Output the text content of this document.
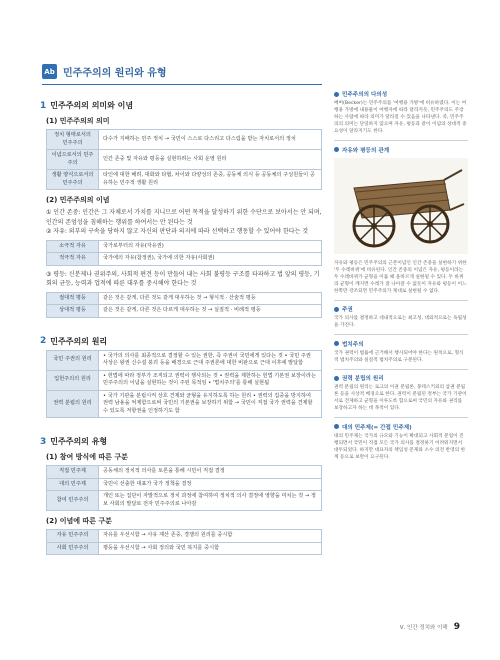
Ab 민주주의의 원리와 유형
1 민주주의의 의미와 이념
(1) 민주주의의 의미
정치 형태로서의 민주주의	다수가 지배하는 민주 정치 → 국민이 스스로 다스리고 다스림을 받는 자치로서의 정치
이념으로서의 민주주의	인간 존중 및 자유와 평등을 실현하려는 사회 운영 원리
생활 양식으로서의 민주주의	타인에 대한 배려, 대화와 타협, 차이와 다양성의 존중, 공동체 의식 등 공동체의 구성원들이 공유하는 민주적 생활 원리
(2) 민주주의의 이념

① 인간 존중: 인간은 그 자체로서 가치를 지니므로 어떤 목적을 달성하기 위한 수단으로 보아서는 안 되며, 인간의 존엄성을 침해하는 행위를 하여서는 안 된다는 것

② 자유: 외부의 구속을 당하지 않고 자신의 판단과 의지에 따라 선택하고 행동할 수 있어야 한다는 것

소극적 자유	국가로부터의 자유(자유권)
적극적 자유	국가에의 자유(참정권), 국가에 의한 자유(사회권)

③ 평등: 신분제나 권위주의, 사회적 편견 등이 만들어 내는 사회 불평등 구조를 타파하고 법 앞의 평등, 기회의 균등, 능력과 업적에 따른 대우를 중시해야 한다는 것

절대적 평등	같은 것은 같게, 다른 것도 같게 대우하는 것 → 형식적 · 산술적 평등
상대적 평등	같은 것은 같게, 다른 것은 다르게 대우하는 것 → 실질적 · 비례적 평등
2 민주주의의 원리
국민 주권의 원리	• 국가의 의사를 최종적으로 결정할 수 있는 권한, 즉 주권이 국민에게 있다는 것 • 국민 주권 사상은 왕권 신수설 붕괴 등을 배경으로 근대 주권론에 대한 비판으로 근대 이후에 발달함
입헌주의의 원리	• 헌법에 따라 정부가 조직되고 권력이 행사되는 것 • 권력을 제한하는 헌법 기본권 보장이라는 민주주의의 이념을 실현하는 것이 주된 목적임 • '법치주의'를 통해 실현됨
권력 분립의 원리	• 국가 기관을 분립시켜 상호 견제와 균형을 유지하도록 하는 원리 • 권력의 집중을 방지하여 권력 남용을 억제함으로써 국민의 기본권을 보장하기 위함 → 국민이 직접 국가 권력을 견제할 수 있도록 저항권을 인정하기도 함
3 민주주의의 유형
(1) 참여 방식에 따른 구분
직접 민주제	공동체의 정치적 의사를 토론을 통해 시민이 직접 결정
대의 민주제	국민이 선출한 대표가 국가 정책을 결정
참여 민주주의	개인 또는 집단이 자발적으로 정치 과정에 참여하여 정치적 의사 결정에 영향을 미치는 것 → 정보 사회의 발달로 전자 민주주의로 나아감
(2) 이념에 따른 구분
자유 민주주의	자유를 우선시함 → 사유 재산 존중, 경쟁의 원리를 중시함
사회 민주주의	평등을 우선시함 → 사회 정의와 국민 복지를 중시함
민주주의의 다의성

베버(Becker)는 민주주의를 '여행용 가방'에 비유하였다. 이는 여행용 가방에 내용물이 여행자에 따라 달라지듯, 민주주의도 주장하는 사람에 따라 의미가 달라질 수 있음을 나타낸다. 즉, 민주주의의 의미는 단일하지 않으며 자유, 평등과 같이 이념의 상대적 중요성이 달라지기도 한다.

자유와 평등의 관계

자유와 평등은 민주주의의 근본이념인 인간 존중을 실현하기 위한 '두 수레바퀴'에 비유된다. 인간 존중의 이념은 자유, 평등이라는 두 수레바퀴가 균형을 이룰 때 올바르게 실현될 수 있다. 두 바퀴의 균형이 깨지면 수레가 잘 나아갈 수 없듯이 자유와 평등이 어느 한쪽만 강조되면 민주주의가 제대로 실현될 수 없다.

주권

국가 의사를 결정하고 대내적으로는 최고성, 대외적으로는 독립성을 가진다.

법치주의

국가 권력이 법률에 근거해서 행사되어야 한다는 원칙으로, 형식적 법치주의와 실질적 법치주의로 구분된다.

권력 분립의 원리

권력 분립의 원리는 로크의 이권 분립론, 몽테스키외의 삼권 분립론 등을 사상적 배경으로 한다. 권력이 분립된 정부는 국가 기관이 서로 견제하고 균형을 이루도록 함으로써 국민의 자유와 권리를 보장하고자 하는 데 목적이 있다.

대의 민주제(= 간접 민주제)

대의 민주제는 국가의 규모와 기능이 확대되고 사회적 분업이 진행되면서 국민이 직접 모든 국가 의사를 결정하기 어려워지면서 대두되었다. 하지만 대표자의 책임성 문제와 소수 의견 반영의 한계 등으로 보완이 요구된다.

Ⅴ. 인간 정치와 이해 9
